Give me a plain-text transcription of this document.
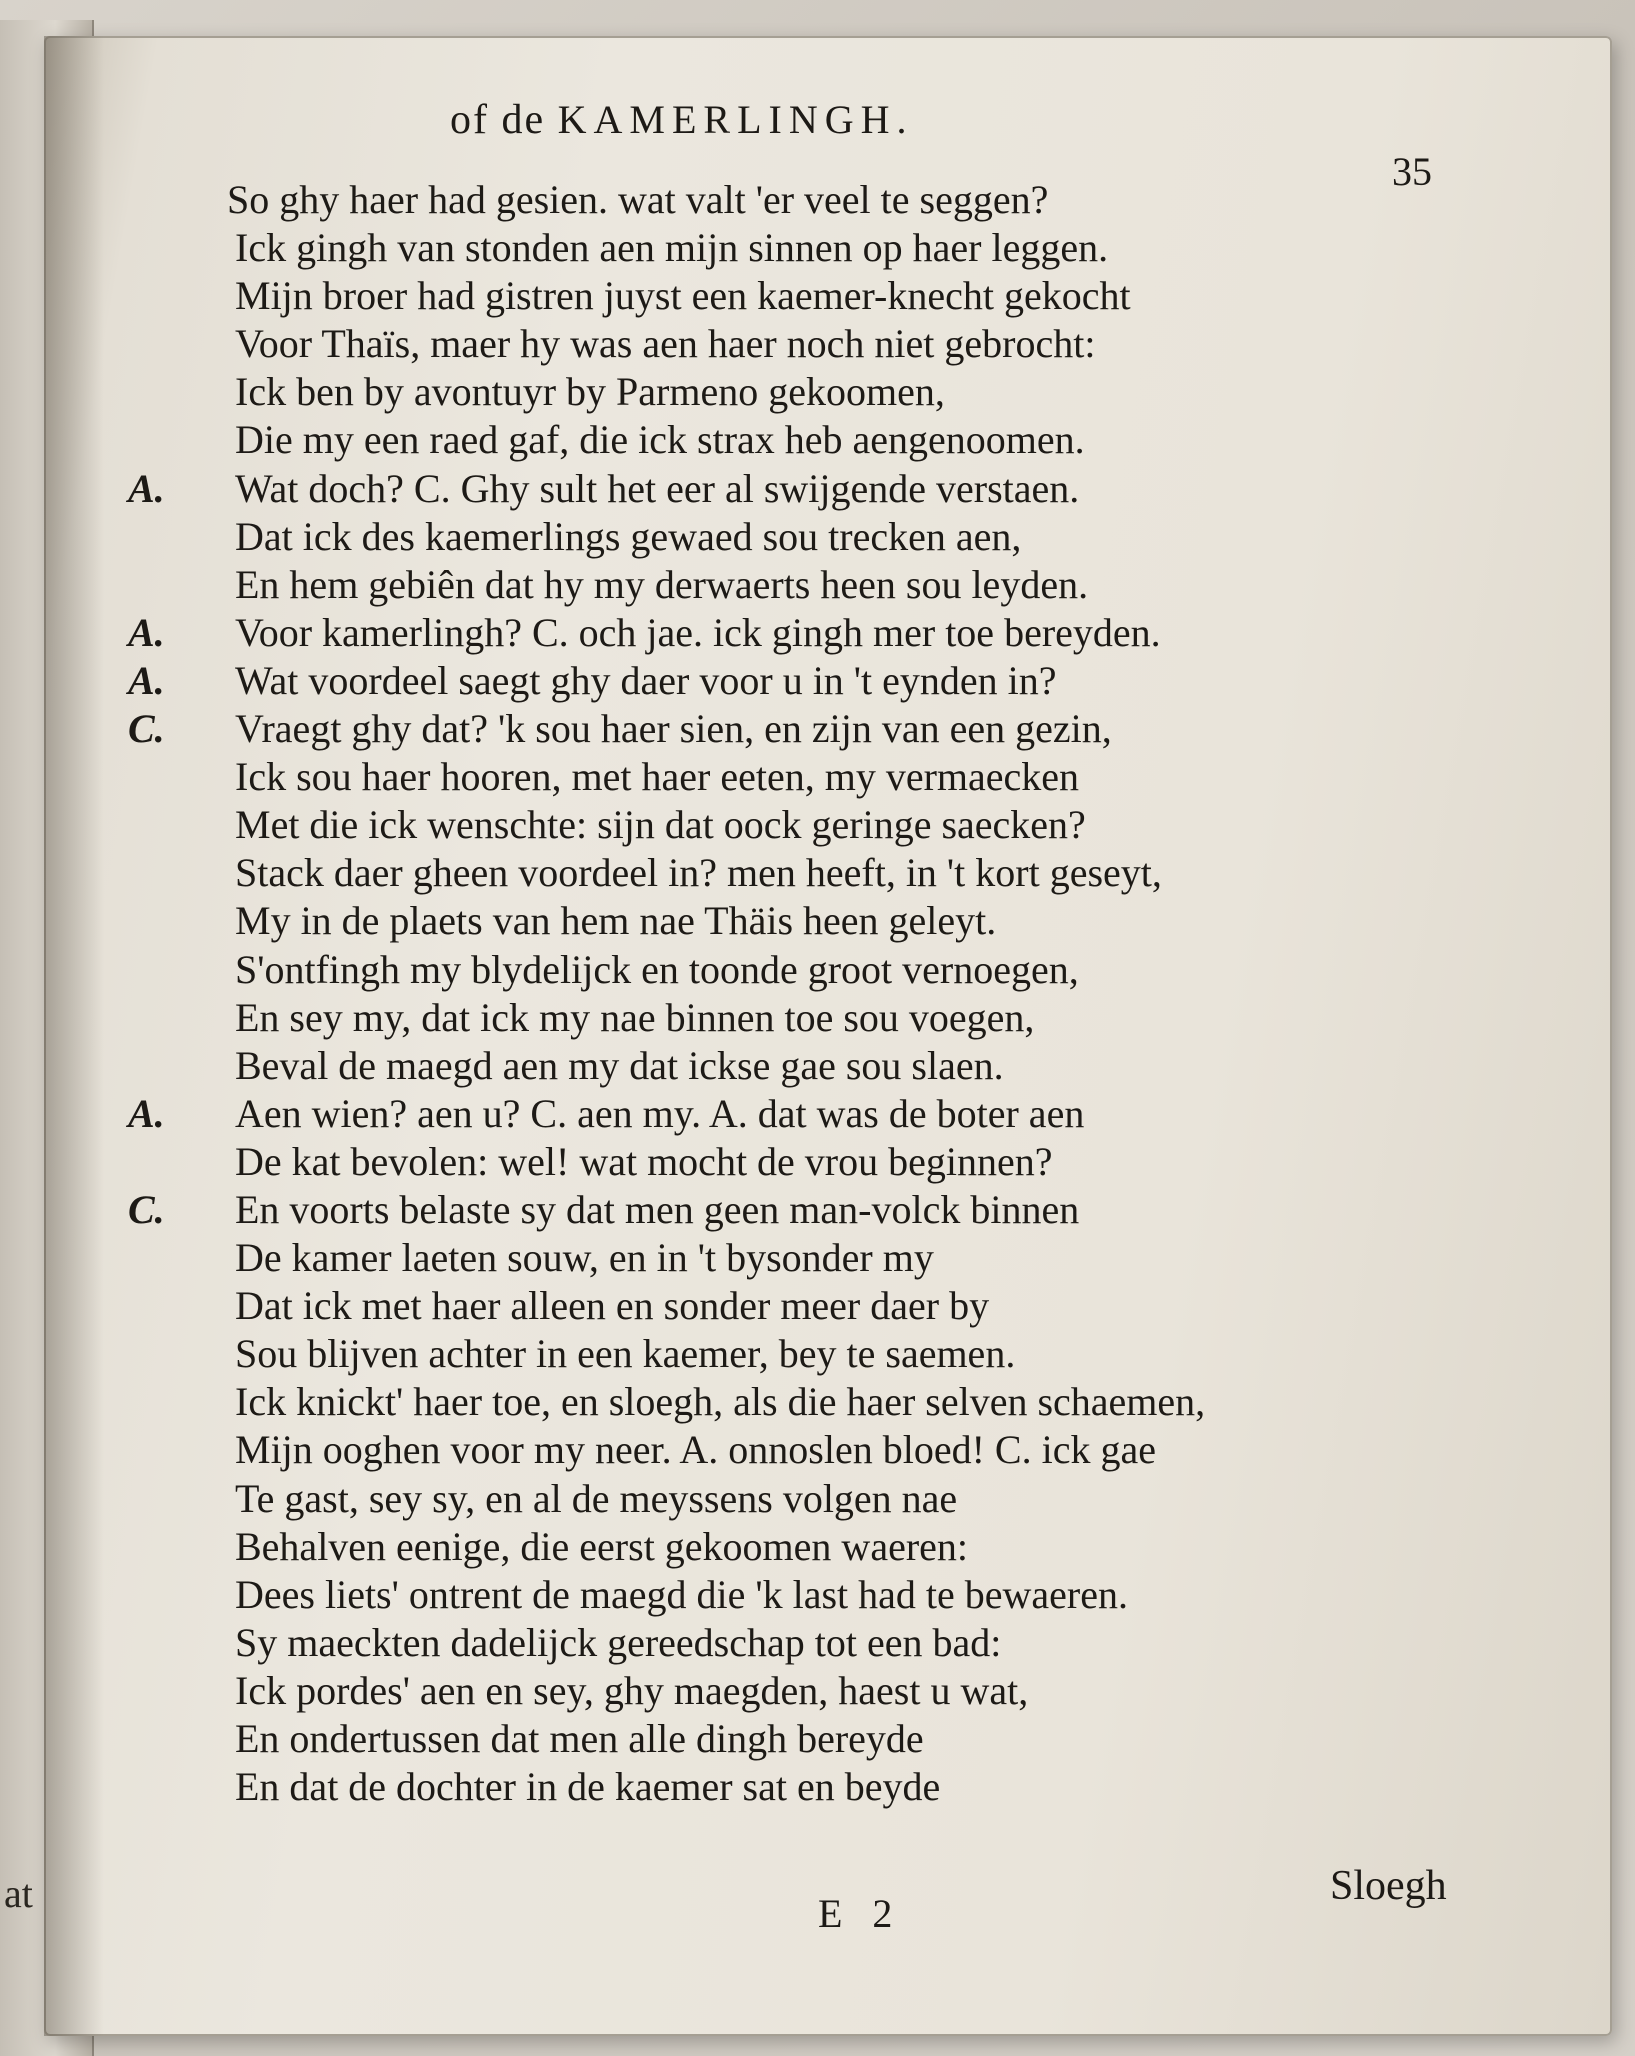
at
of de KAMERLINGH.
35
So ghy haer had gesien. wat valt 'er veel te seggen?
Ick gingh van stonden aen mijn sinnen op haer leggen.
Mijn broer had gistren juyst een kaemer-knecht gekocht
Voor Thaïs, maer hy was aen haer noch niet gebrocht:
Ick ben by avontuyr by Parmeno gekoomen,
Die my een raed gaf, die ick strax heb aengenoomen.
A. Wat doch? C. Ghy sult het eer al swijgende verstaen.
Dat ick des kaemerlings gewaed sou trecken aen,
En hem gebiên dat hy my derwaerts heen sou leyden.
A. Voor kamerlingh? C. och jae. ick gingh mer toe bereyden.
A. Wat voordeel saegt ghy daer voor u in 't eynden in?
C. Vraegt ghy dat? 'k sou haer sien, en zijn van een gezin,
Ick sou haer hooren, met haer eeten, my vermaecken
Met die ick wenschte: sijn dat oock geringe saecken?
Stack daer gheen voordeel in? men heeft, in 't kort geseyt,
My in de plaets van hem nae Thäis heen geleyt.
S'ontfingh my blydelijck en toonde groot vernoegen,
En sey my, dat ick my nae binnen toe sou voegen,
Beval de maegd aen my dat ickse gae sou slaen.
A. Aen wien? aen u? C. aen my. A. dat was de boter aen
De kat bevolen: wel! wat mocht de vrou beginnen?
C. En voorts belaste sy dat men geen man-volck binnen
De kamer laeten souw, en in 't bysonder my
Dat ick met haer alleen en sonder meer daer by
Sou blijven achter in een kaemer, bey te saemen.
Ick knickt' haer toe, en sloegh, als die haer selven schaemen,
Mijn ooghen voor my neer. A. onnoslen bloed! C. ick gae
Te gast, sey sy, en al de meyssens volgen nae
Behalven eenige, die eerst gekoomen waeren:
Dees liets' ontrent de maegd die 'k last had te bewaeren.
Sy maeckten dadelijck gereedschap tot een bad:
Ick pordes' aen en sey, ghy maegden, haest u wat,
En ondertussen dat men alle dingh bereyde
En dat de dochter in de kaemer sat en beyde
E 2
Sloegh
